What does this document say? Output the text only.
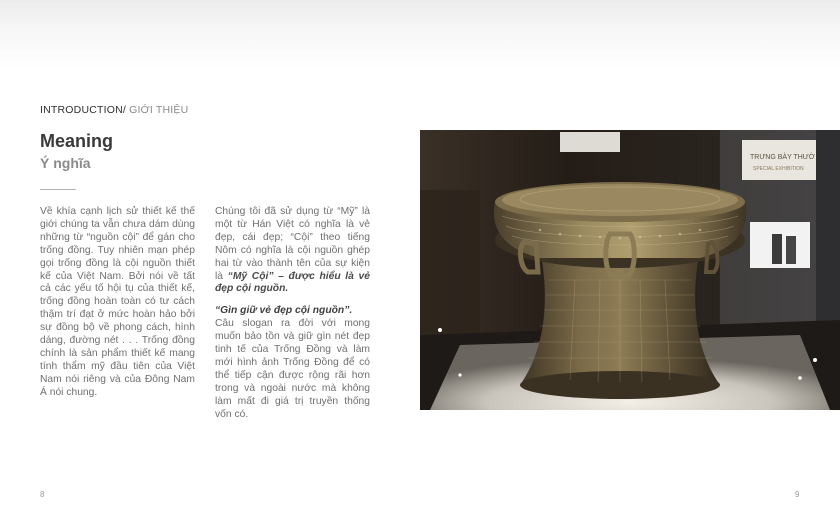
INTRODUCTION/ GIỚI THIỆU
Meaning
Ý nghĩa

Về khía cạnh lịch sử thiết kế thế giới chúng ta vẫn chưa dám dùng những từ “nguồn cội” để gán cho trống đồng. Tuy nhiên mạn phép gọi trống đồng là cội nguồn thiết kế của Việt Nam. Bởi nói về tất cả các yếu tố hội tụ của thiết kế, trống đồng hoàn toàn có tư cách thậm trí đạt ở mức hoàn hảo bởi sự đồng bộ về phong cách, hình dáng, đường nét . . . Trống đồng chính là sản phẩm thiết kế mang tính thẩm mỹ đầu tiên của Việt Nam nói riêng và của Đông Nam Á nói chung.

Chúng tôi đã sử dụng từ “Mỹ” là một từ Hán Việt có nghĩa là vẻ đẹp, cái đẹp; “Cội” theo tiếng Nôm có nghĩa là cội nguồn ghép hai từ vào thành tên của sự kiện là “Mỹ Cội” – được hiểu là vẻ đẹp cội nguồn.

“Gìn giữ vẻ đẹp cội nguồn”.

Câu slogan ra đời với mong muốn bảo tồn và giữ gìn nét đẹp tinh tế của Trống Đồng và làm mới hình ảnh Trống Đồng để có thể tiếp cận được rộng rãi hơn trong và ngoài nước mà không làm mất đi giá trị truyền thống vốn có.

TRƯNG BÀY THƯỜ
SPECIAL EXHIBITION
8	9
